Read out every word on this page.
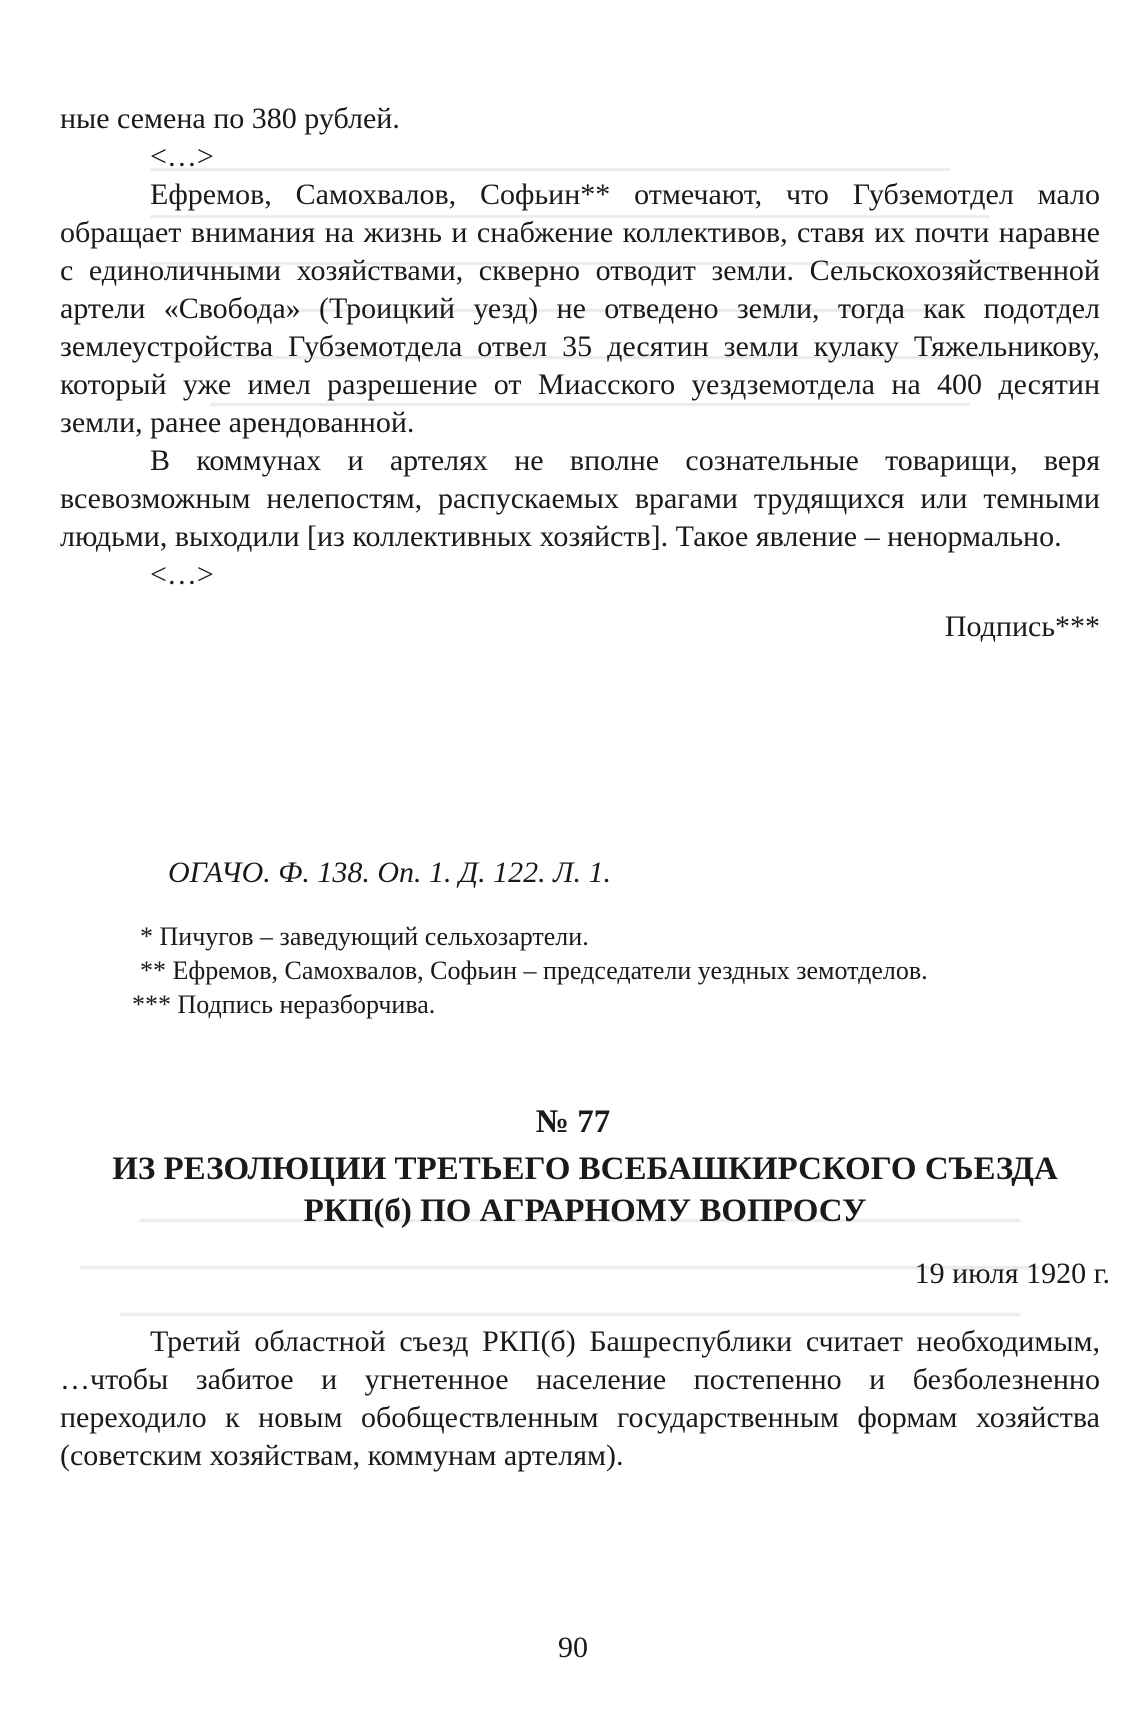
ные семена по 380 рублей.

<…>

Ефремов, Самохвалов, Софьин** отмечают, что Губземотдел мало обращает внимания на жизнь и снабжение коллективов, ставя их почти наравне с единоличными хозяйствами, скверно отводит земли. Сельскохозяйственной артели «Свобода» (Троицкий уезд) не отведено земли, тогда как подотдел землеустройства Губземотдела отвел 35 десятин земли кулаку Тяжельникову, который уже имел разрешение от Миасского уездземотдела на 400 десятин земли, ранее арендованной.

В коммунах и артелях не вполне сознательные товарищи, веря всевозможным нелепостям, распускаемых врагами трудящихся или темными людьми, выходили [из коллективных хозяйств]. Такое явление – ненормально.

<…>

Подпись***

ОГАЧО. Ф. 138. Оп. 1. Д. 122. Л. 1.
* Пичугов – заведующий сельхозартели.
** Ефремов, Самохвалов, Софьин – председатели уездных земотделов.
*** Подпись неразборчива.
№ 77
ИЗ РЕЗОЛЮЦИИ ТРЕТЬЕГО ВСЕБАШКИРСКОГО СЪЕЗДА РКП(б) ПО АГРАРНОМУ ВОПРОСУ
19 июля 1920 г.

Третий областной съезд РКП(б) Башреспублики считает необходимым, …чтобы забитое и угнетенное население постепенно и безболезненно переходило к новым обобществленным государственным формам хозяйства (советским хозяйствам, коммунам артелям).

90
